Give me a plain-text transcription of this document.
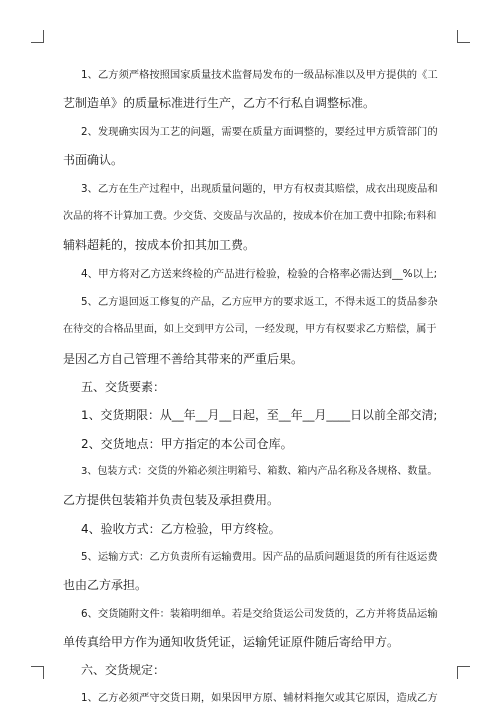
1、乙方须严格按照国家质量技术监督局发布的一级品标准以及甲方提供的《工
艺制造单》的质量标准进行生产，乙方不行私自调整标准。
2、发现确实因为工艺的问题，需要在质量方面调整的，要经过甲方质管部门的
书面确认。
3、乙方在生产过程中，出现质量问题的，甲方有权责其赔偿，成衣出现废品和
次品的将不计算加工费。少交货、交废品与次品的，按成本价在加工费中扣除;布料和
辅料超耗的，按成本价扣其加工费。
4、甲方将对乙方送来终检的产品进行检验，检验的合格率必需达到__%以上;
5、乙方退回返工修复的产品，乙方应甲方的要求返工，不得未返工的货品参杂
在待交的合格品里面，如上交到甲方公司，一经发现，甲方有权要求乙方赔偿，属于
是因乙方自己管理不善给其带来的严重后果。
五、交货要素：
1、交货期限：从__年__月__日起，至__年__月____日以前全部交清;
2、交货地点：甲方指定的本公司仓库。
3、包装方式：交货的外箱必须注明箱号、箱数、箱内产品名称及各规格、数量。
乙方提供包装箱并负责包装及承担费用。
4、验收方式：乙方检验，甲方终检。
5、运输方式：乙方负责所有运输费用。因产品的品质问题退货的所有往返运费
也由乙方承担。
6、交货随附文件：装箱明细单。若是交给货运公司发货的，乙方并将货品运输
单传真给甲方作为通知收货凭证，运输凭证原件随后寄给甲方。
六、交货规定：
1、乙方必须严守交货日期，如果因甲方原、辅材料拖欠或其它原因，造成乙方
